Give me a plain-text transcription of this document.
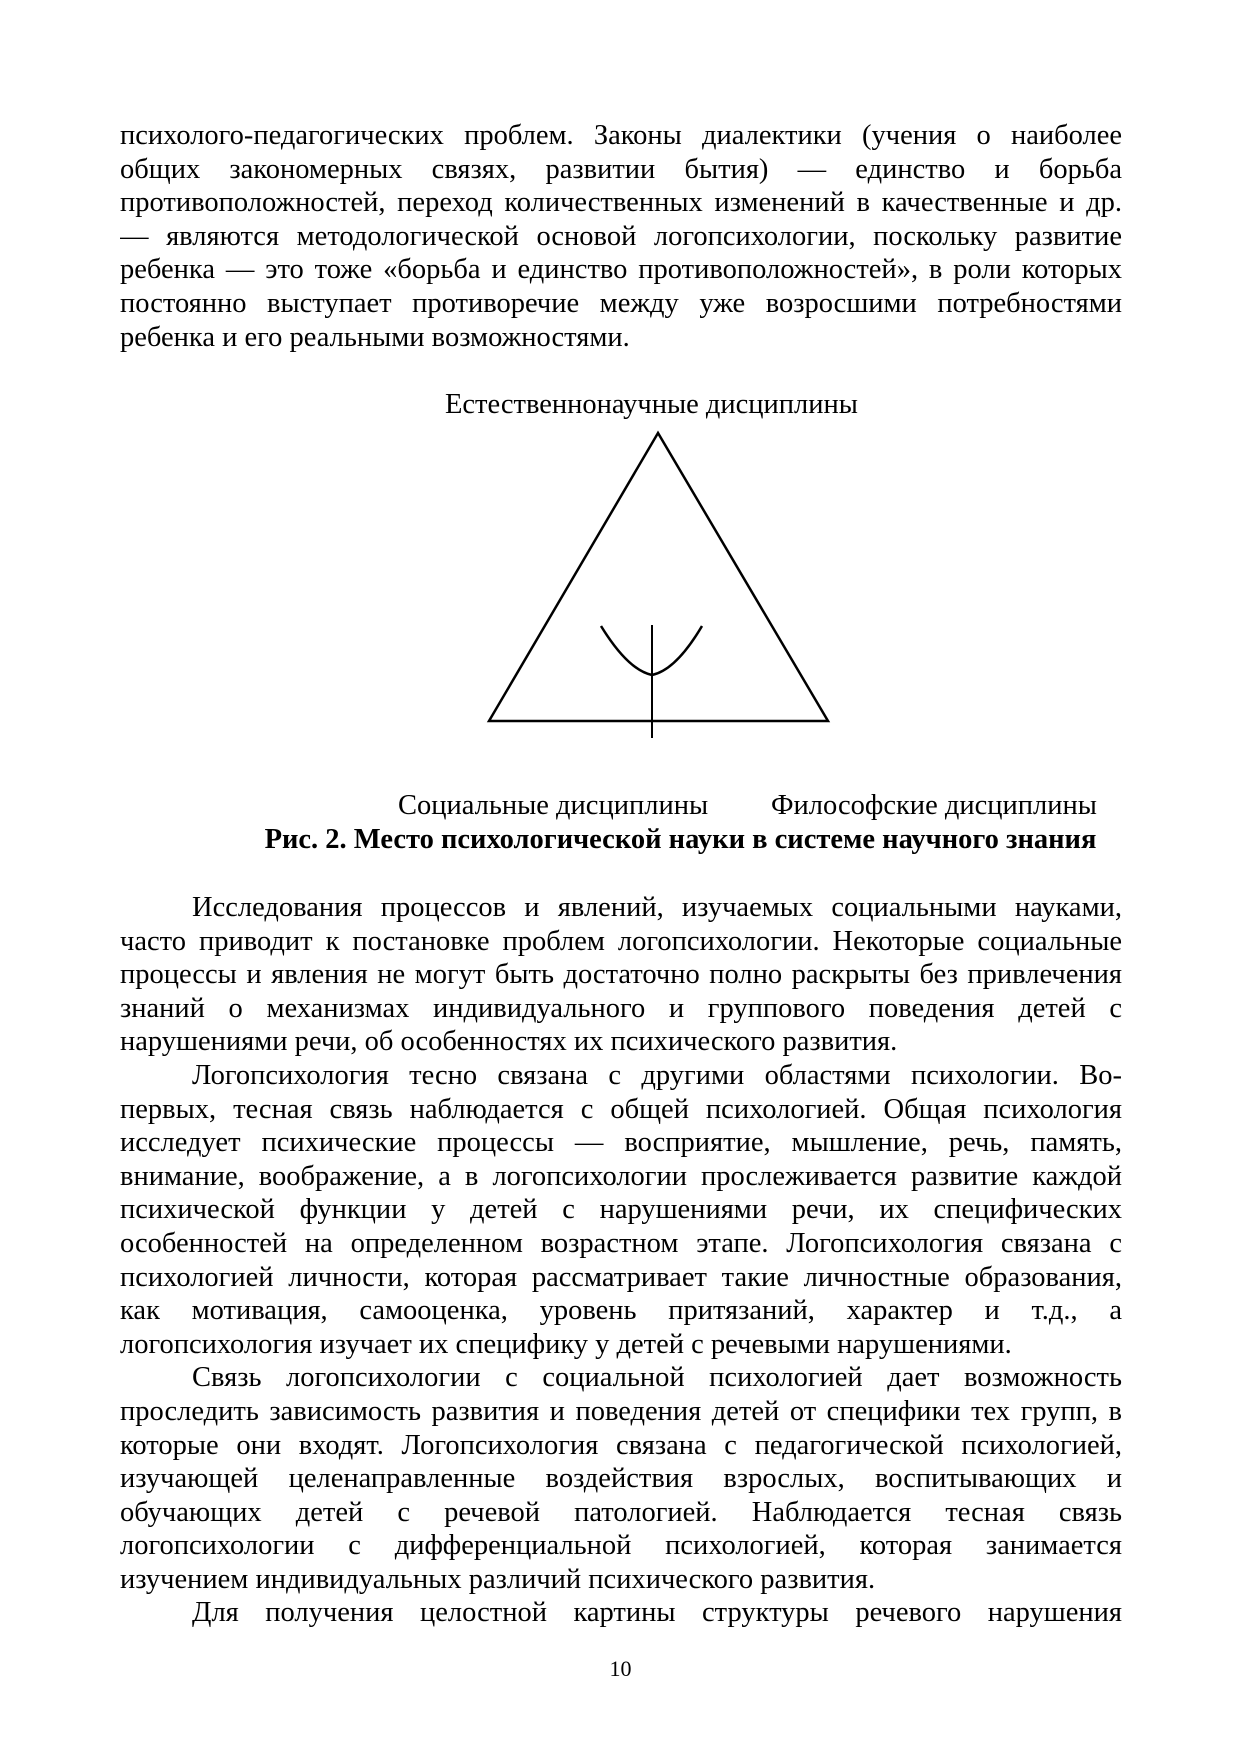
психолого-педагогических проблем. Законы диалектики (учения о наиболее
общих закономерных связях, развитии бытия) — единство и борьба
противоположностей, переход количественных изменений в качественные и др.
— являются методологической основой логопсихологии, поскольку развитие
ребенка — это тоже «борьба и единство противоположностей», в роли которых
постоянно выступает противоречие между уже возросшими потребностями
ребенка и его реальными возможностями.
Естественнонаучные дисциплины
Социальные дисциплины Философские дисциплины
Рис. 2. Место психологической науки в системе научного знания
Исследования процессов и явлений, изучаемых социальными науками,
часто приводит к постановке проблем логопсихологии. Некоторые социальные
процессы и явления не могут быть достаточно полно раскрыты без привлечения
знаний о механизмах индивидуального и группового поведения детей с
нарушениями речи, об особенностях их психического развития.
Логопсихология тесно связана с другими областями психологии. Во-
первых, тесная связь наблюдается с общей психологией. Общая психология
исследует психические процессы — восприятие, мышление, речь, память,
внимание, воображение, а в логопсихологии прослеживается развитие каждой
психической функции у детей с нарушениями речи, их специфических
особенностей на определенном возрастном этапе. Логопсихология связана с
психологией личности, которая рассматривает такие личностные образования,
как мотивация, самооценка, уровень притязаний, характер и т.д., а
логопсихология изучает их специфику у детей с речевыми нарушениями.
Связь логопсихологии с социальной психологией дает возможность
проследить зависимость развития и поведения детей от специфики тех групп, в
которые они входят. Логопсихология связана с педагогической психологией,
изучающей целенаправленные воздействия взрослых, воспитывающих и
обучающих детей с речевой патологией. Наблюдается тесная связь
логопсихологии с дифференциальной психологией, которая занимается
изучением индивидуальных различий психического развития.
Для получения целостной картины структуры речевого нарушения
10
